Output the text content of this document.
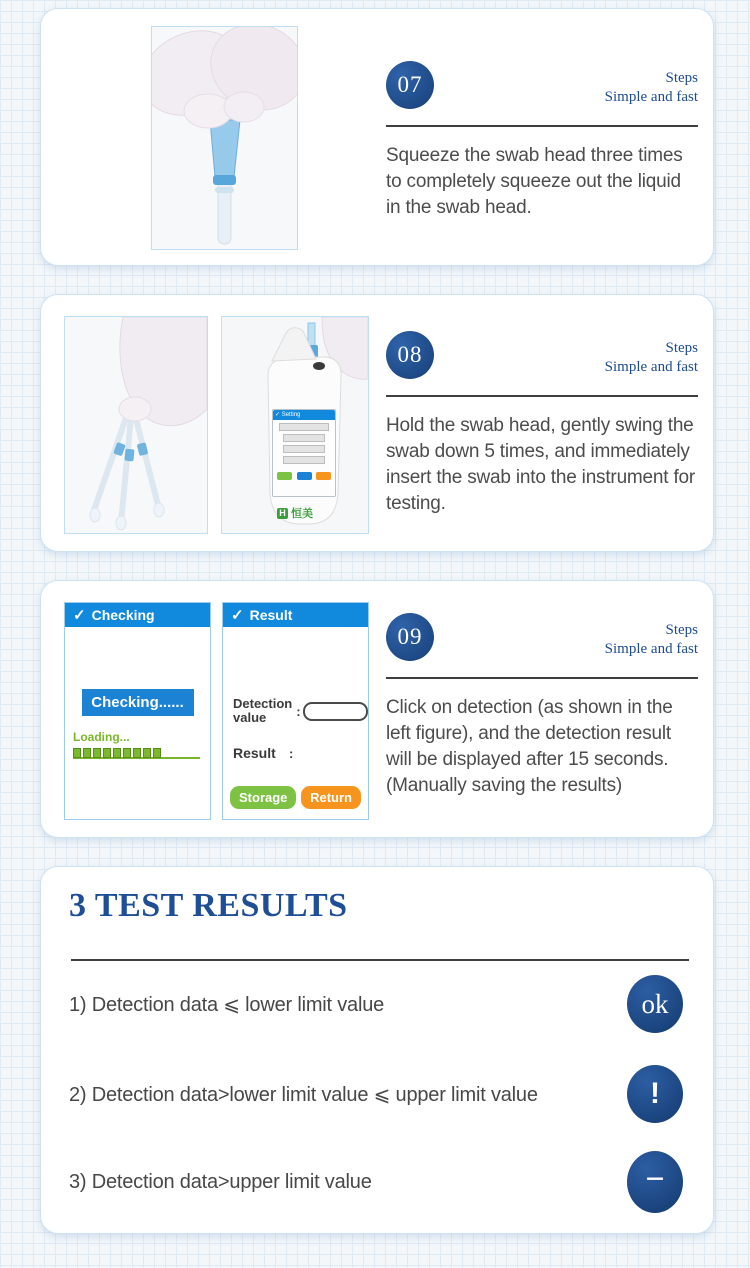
07	Steps
Simple and fast
Squeeze the swab head three times to completely squeeze out the liquid in the swab head.
✓ Setting
H 恒美
08	Steps
Simple and fast
Hold the swab head, gently swing the swab down 5 times, and immediately insert the swab into the instrument for testing.
✓ Checking
Checking......
Loading...
✓ Result
Detection
value	:
Result	:
Storage	Return
09	Steps
Simple and fast
Click on detection (as shown in the left figure), and the detection result will be displayed after 15 seconds. (Manually saving the results)
3 TEST RESULTS
1) Detection data ⩽ lower limit value	ok
2) Detection data>lower limit value ⩽ upper limit value	!
3) Detection data>upper limit value	−
